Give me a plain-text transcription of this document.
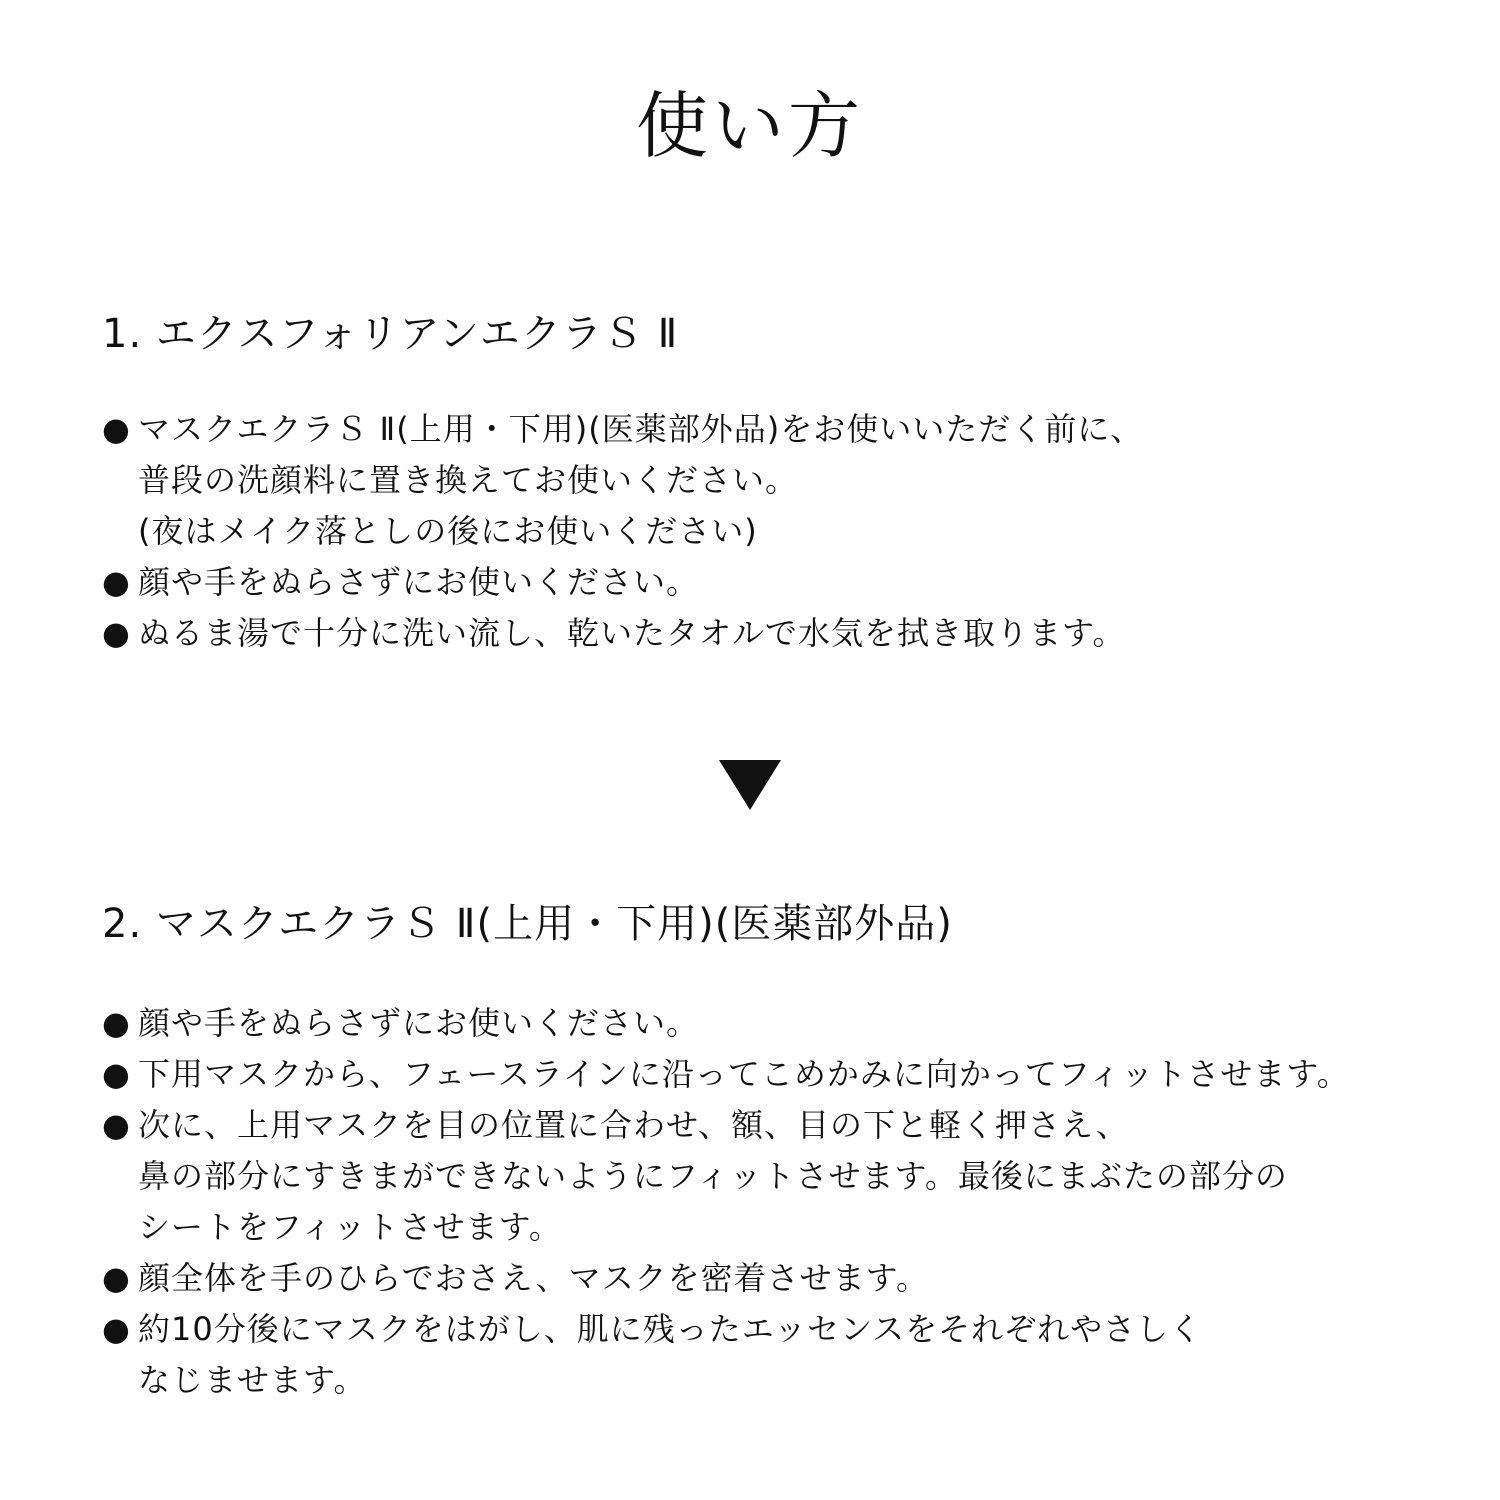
使い方
1. エクスフォリアンエクラＳ Ⅱ
● マスクエクラＳ Ⅱ(上用・下用)(医薬部外品)をお使いいただく前に、
普段の洗顔料に置き換えてお使いください。
(夜はメイク落としの後にお使いください)
● 顔や手をぬらさずにお使いください。
● ぬるま湯で十分に洗い流し、乾いたタオルで水気を拭き取ります。
2. マスクエクラＳ Ⅱ(上用・下用)(医薬部外品)
● 顔や手をぬらさずにお使いください。
● 下用マスクから、フェースラインに沿ってこめかみに向かってフィットさせます。
● 次に、上用マスクを目の位置に合わせ、額、目の下と軽く押さえ、
鼻の部分にすきまができないようにフィットさせます。最後にまぶたの部分の
シートをフィットさせます。
● 顔全体を手のひらでおさえ、マスクを密着させます。
● 約10分後にマスクをはがし、肌に残ったエッセンスをそれぞれやさしく
なじませます。
